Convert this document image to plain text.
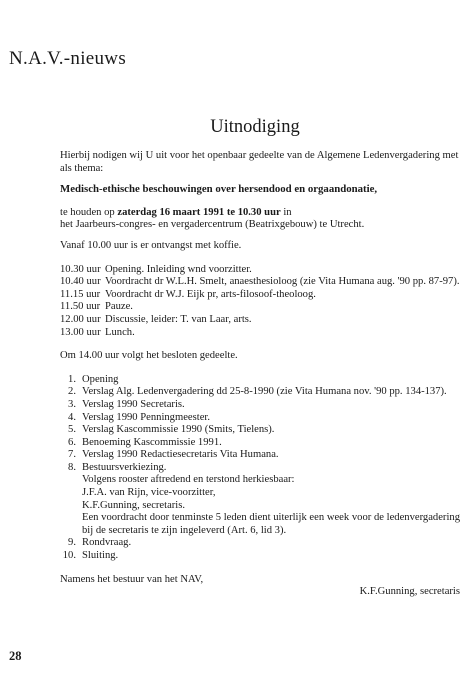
N.A.V.-nieuws
Uitnodiging

Hierbij nodigen wij U uit voor het openbaar gedeelte van de Algemene Ledenvergadering met als thema:

Medisch-ethische beschouwingen over hersendood en orgaandonatie,

te houden op zaterdag 16 maart 1991 te 10.30 uur in

het Jaarbeurs-congres- en vergadercentrum (Beatrixgebouw) te Utrecht.

Vanaf 10.00 uur is er ontvangst met koffie.

10.30 uur Opening. Inleiding wnd voorzitter.
10.40 uur Voordracht dr W.L.H. Smelt, anaesthesioloog (zie Vita Humana aug. '90 pp. 87-97).
11.15 uur Voordracht dr W.J. Eijk pr, arts-filosoof-theoloog.
11.50 uur Pauze.
12.00 uur Discussie, leider: T. van Laar, arts.
13.00 uur Lunch.

Om 14.00 uur volgt het besloten gedeelte.

1. Opening
2. Verslag Alg. Ledenvergadering dd 25-8-1990 (zie Vita Humana nov. '90 pp. 134-137).
3. Verslag 1990 Secretaris.
4. Verslag 1990 Penningmeester.
5. Verslag Kascommissie 1990 (Smits, Tielens).
6. Benoeming Kascommissie 1991.
7. Verslag 1990 Redactiesecretaris Vita Humana.
8. Bestuursverkiezing.

Volgens rooster aftredend en terstond herkiesbaar:

J.F.A. van Rijn, vice-voorzitter,

K.F.Gunning, secretaris.

Een voordracht door tenminste 5 leden dient uiterlijk een week voor de ledenvergadering bij de secretaris te zijn ingeleverd (Art. 6, lid 3).

9. Rondvraag.
10. Sluiting.

Namens het bestuur van het NAV,

K.F.Gunning, secretaris

28
